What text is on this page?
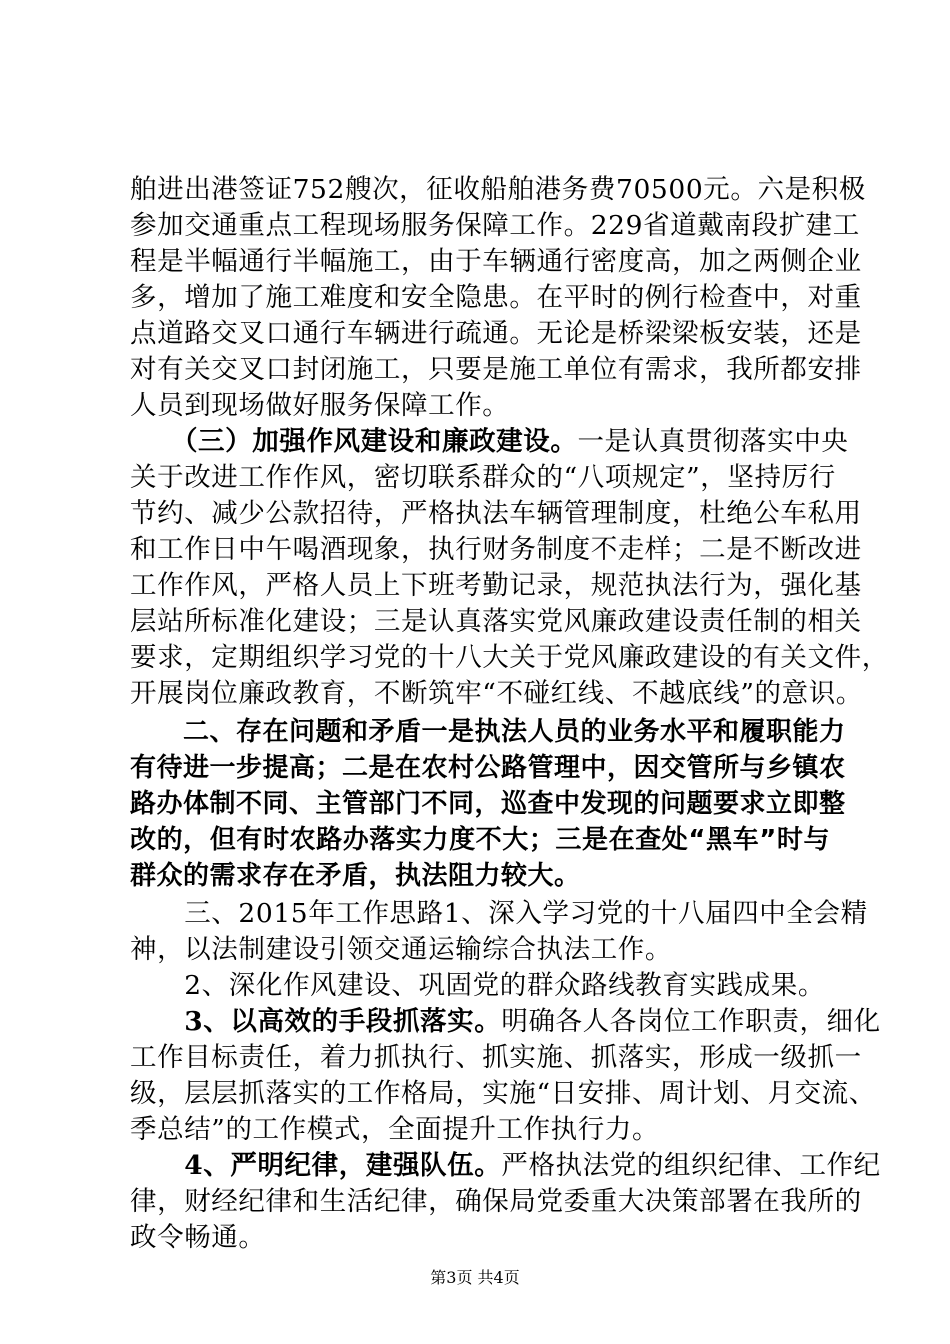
舶进出港签证752艘次，征收船舶港务费70500元。六是积极
参加交通重点工程现场服务保障工作。229省道戴南段扩建工
程是半幅通行半幅施工，由于车辆通行密度高，加之两侧企业
多，增加了施工难度和安全隐患。在平时的例行检查中，对重
点道路交叉口通行车辆进行疏通。无论是桥梁梁板安装，还是
对有关交叉口封闭施工，只要是施工单位有需求，我所都安排
人员到现场做好服务保障工作。
　　（三）加强作风建设和廉政建设。一是认真贯彻落实中央
关于改进工作作风，密切联系群众的“八项规定”，坚持厉行
节约、减少公款招待，严格执法车辆管理制度，杜绝公车私用
和工作日中午喝酒现象，执行财务制度不走样；二是不断改进
工作作风，严格人员上下班考勤记录，规范执法行为，强化基
层站所标准化建设；三是认真落实党风廉政建设责任制的相关
要求，定期组织学习党的十八大关于党风廉政建设的有关文件，
开展岗位廉政教育，不断筑牢“不碰红线、不越底线”的意识。
　　二、存在问题和矛盾一是执法人员的业务水平和履职能力
有待进一步提高；二是在农村公路管理中，因交管所与乡镇农
路办体制不同、主管部门不同，巡查中发现的问题要求立即整
改的，但有时农路办落实力度不大；三是在查处“黑车”时与
群众的需求存在矛盾，执法阻力较大。
　　三、2015年工作思路1、深入学习党的十八届四中全会精
神，以法制建设引领交通运输综合执法工作。
　　2、深化作风建设、巩固党的群众路线教育实践成果。
　　3、以高效的手段抓落实。明确各人各岗位工作职责，细化
工作目标责任，着力抓执行、抓实施、抓落实，形成一级抓一
级，层层抓落实的工作格局，实施“日安排、周计划、月交流、
季总结”的工作模式，全面提升工作执行力。
　　4、严明纪律，建强队伍。严格执法党的组织纪律、工作纪
律，财经纪律和生活纪律，确保局党委重大决策部署在我所的
政令畅通。
第3页 共4页
